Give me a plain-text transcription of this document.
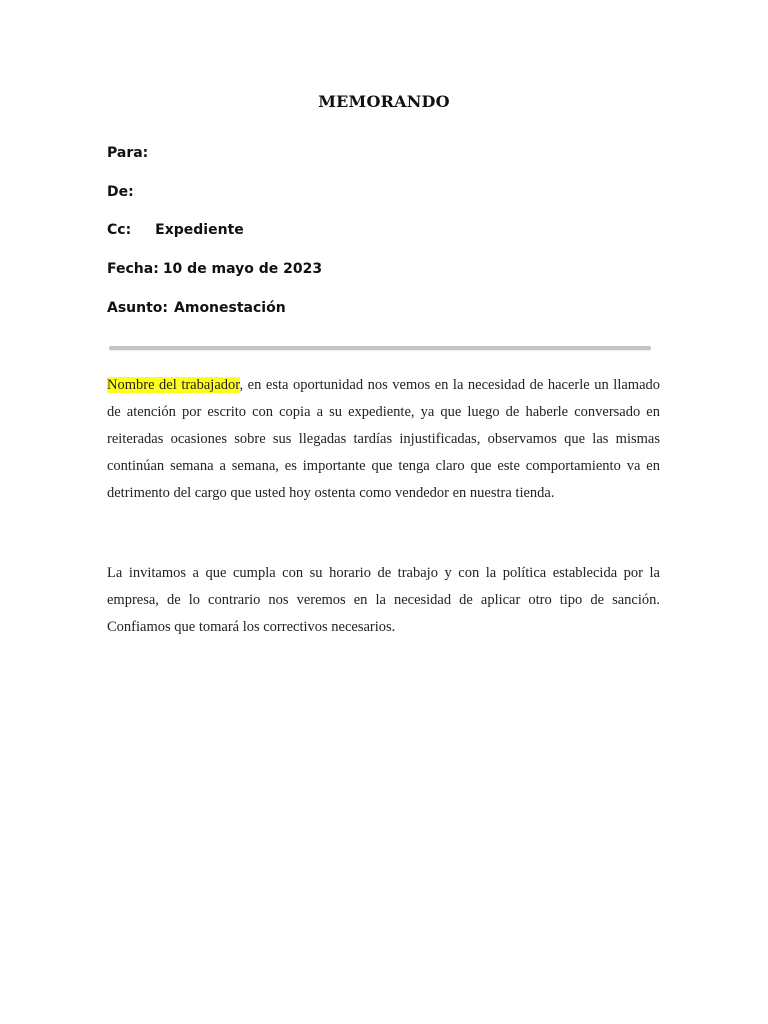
MEMORANDO
Para:
De:
Cc: Expediente
Fecha: 10 de mayo de 2023
Asunto: Amonestación

Nombre del trabajador, en esta oportunidad nos vemos en la necesidad de hacerle un llamado de atención por escrito con copia a su expediente, ya que luego de haberle conversado en reiteradas ocasiones sobre sus llegadas tardías injustificadas, observamos que las mismas continúan semana a semana, es importante que tenga claro que este comportamiento va en detrimento del cargo que usted hoy ostenta como vendedor en nuestra tienda.

La invitamos a que cumpla con su horario de trabajo y con la política establecida por la empresa, de lo contrario nos veremos en la necesidad de aplicar otro tipo de sanción. Confiamos que tomará los correctivos necesarios.
